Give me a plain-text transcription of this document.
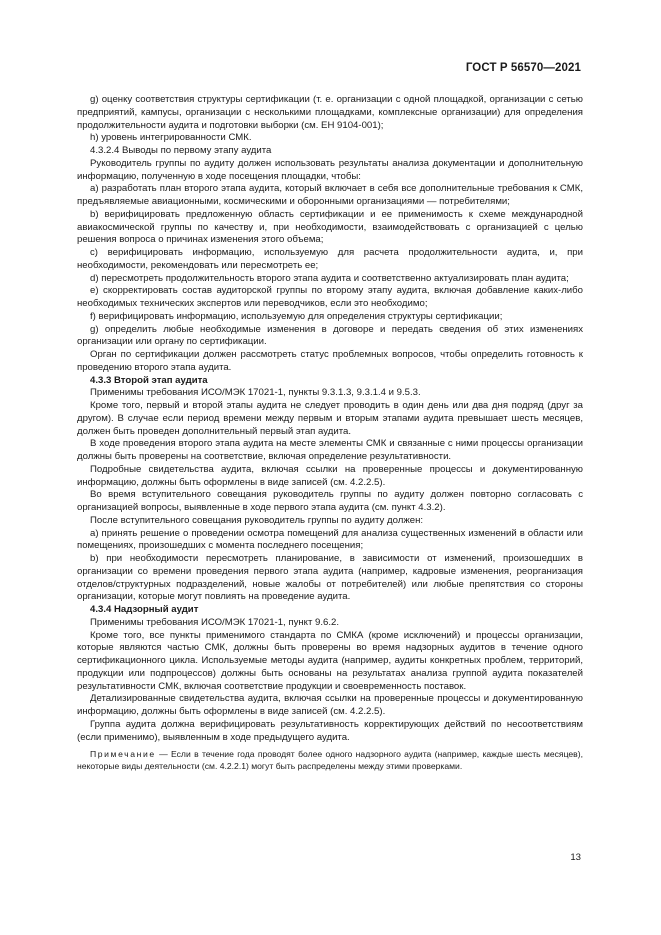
ГОСТ Р 56570—2021

g) оценку соответствия структуры сертификации (т. е. организации с одной площадкой, организации с сетью предприятий, кампусы, организации с несколькими площадками, комплексные организации) для определения продолжительности аудита и подготовки выборки (см. ЕН 9104-001);

h) уровень интегрированности СМК.

4.3.2.4 Выводы по первому этапу аудита

Руководитель группы по аудиту должен использовать результаты анализа документации и дополнительную информацию, полученную в ходе посещения площадки, чтобы:

а) разработать план второго этапа аудита, который включает в себя все дополнительные требования к СМК, предъявляемые авиационными, космическими и оборонными организациями — потребителями;

b) верифицировать предложенную область сертификации и ее применимость к схеме международной авиакосмической группы по качеству и, при необходимости, взаимодействовать с организацией с целью решения вопроса о причинах изменения этого объема;

c) верифицировать информацию, используемую для расчета продолжительности аудита, и, при необходимости, рекомендовать или пересмотреть ее;

d) пересмотреть продолжительность второго этапа аудита и соответственно актуализировать план аудита;

e) скорректировать состав аудиторской группы по второму этапу аудита, включая добавление каких-либо необходимых технических экспертов или переводчиков, если это необходимо;

f) верифицировать информацию, используемую для определения структуры сертификации;

g) определить любые необходимые изменения в договоре и передать сведения об этих изменениях организации или органу по сертификации.

Орган по сертификации должен рассмотреть статус проблемных вопросов, чтобы определить готовность к проведению второго этапа аудита.

4.3.3 Второй этап аудита

Применимы требования ИСО/МЭК 17021-1, пункты 9.3.1.3, 9.3.1.4 и 9.5.3.

Кроме того, первый и второй этапы аудита не следует проводить в один день или два дня подряд (друг за другом). В случае если период времени между первым и вторым этапами аудита превышает шесть месяцев, должен быть проведен дополнительный первый этап аудита.

В ходе проведения второго этапа аудита на месте элементы СМК и связанные с ними процессы организации должны быть проверены на соответствие, включая определение результативности.

Подробные свидетельства аудита, включая ссылки на проверенные процессы и документированную информацию, должны быть оформлены в виде записей (см. 4.2.2.5).

Во время вступительного совещания руководитель группы по аудиту должен повторно согласовать с организацией вопросы, выявленные в ходе первого этапа аудита (см. пункт 4.3.2).

После вступительного совещания руководитель группы по аудиту должен:

а) принять решение о проведении осмотра помещений для анализа существенных изменений в области или помещениях, произошедших с момента последнего посещения;

b) при необходимости пересмотреть планирование, в зависимости от изменений, произошедших в организации со времени проведения первого этапа аудита (например, кадровые изменения, реорганизация отделов/структурных подразделений, новые жалобы от потребителей) или любые препятствия со стороны организации, которые могут повлиять на проведение аудита.

4.3.4 Надзорный аудит

Применимы требования ИСО/МЭК 17021-1, пункт 9.6.2.

Кроме того, все пункты применимого стандарта по СМКА (кроме исключений) и процессы организации, которые являются частью СМК, должны быть проверены во время надзорных аудитов в течение одного сертификационного цикла. Используемые методы аудита (например, аудиты конкретных проблем, территорий, продукции или подпроцессов) должны быть основаны на результатах анализа группой аудита показателей результативности СМК, включая соответствие продукции и своевременность поставок.

Детализированные свидетельства аудита, включая ссылки на проверенные процессы и документированную информацию, должны быть оформлены в виде записей (см. 4.2.2.5).

Группа аудита должна верифицировать результативность корректирующих действий по несоответствиям (если применимо), выявленным в ходе предыдущего аудита.

Примечание — Если в течение года проводят более одного надзорного аудита (например, каждые шесть месяцев), некоторые виды деятельности (см. 4.2.2.1) могут быть распределены между этими проверками.

13
